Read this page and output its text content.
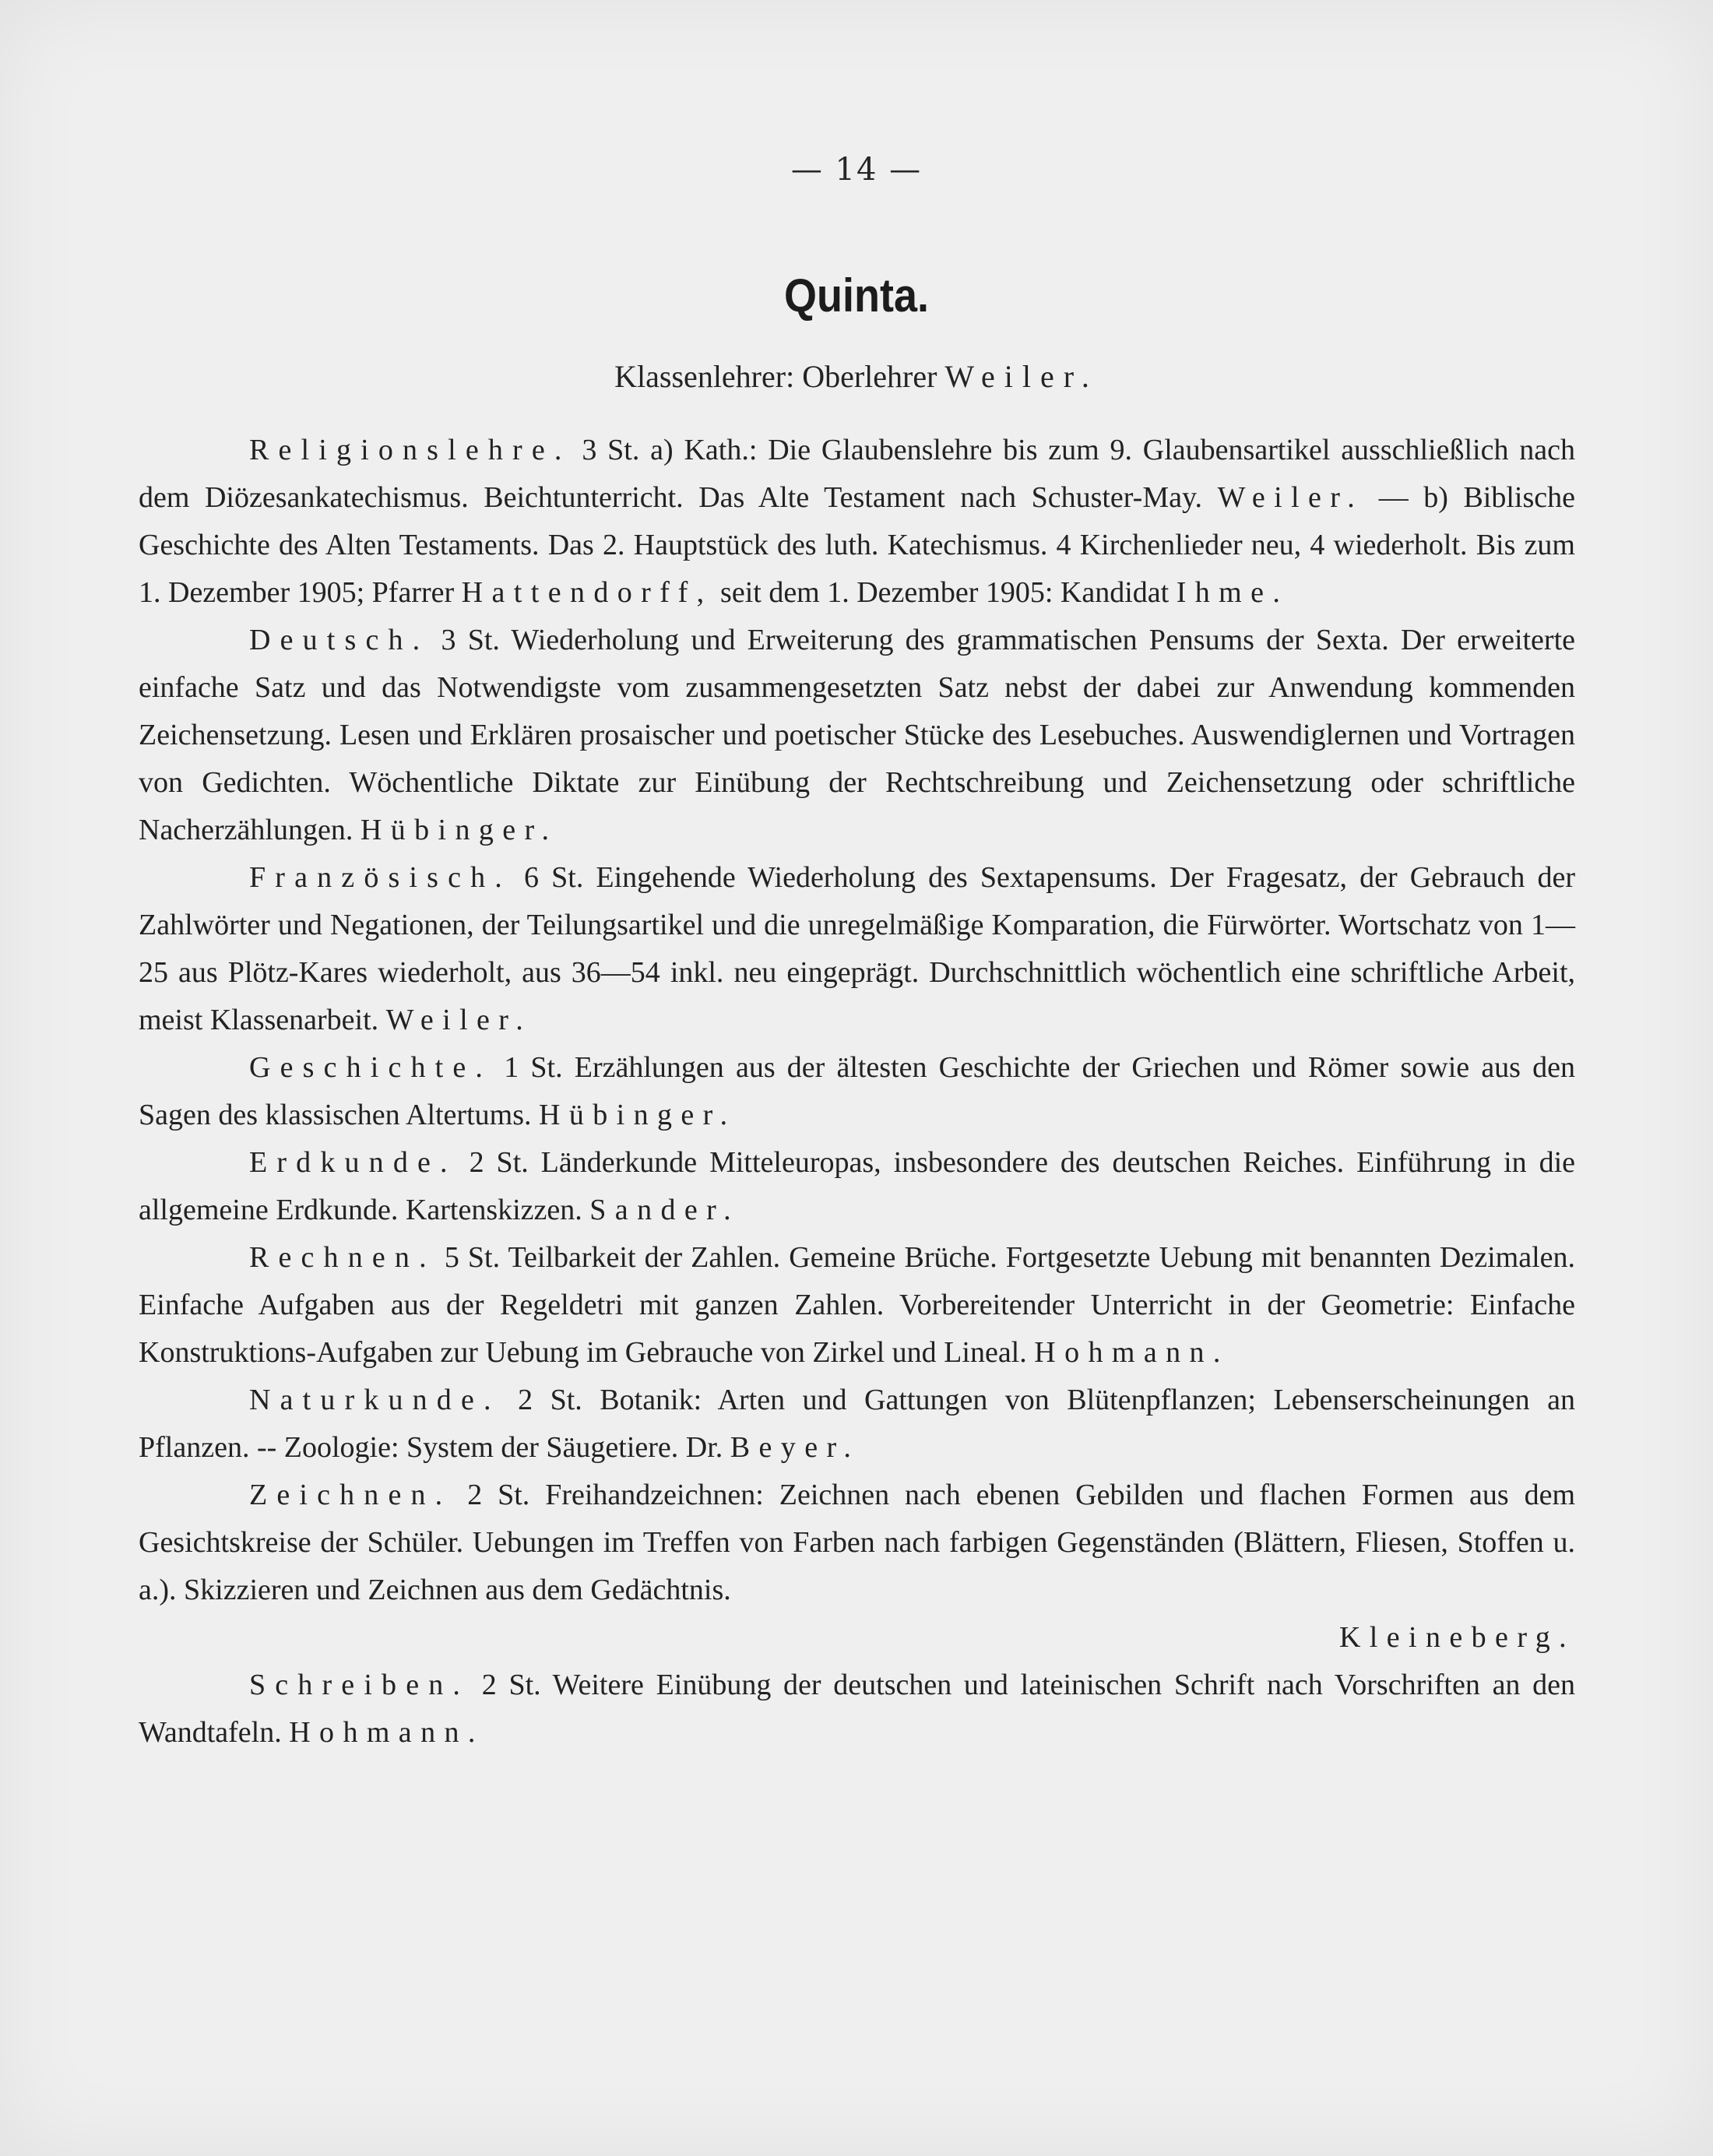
— 14 —
Quinta.
Klassenlehrer: Oberlehrer Weiler.

Religionslehre. 3 St. a) Kath.: Die Glaubenslehre bis zum 9. Glaubensartikel ausschließlich nach dem Diözesankatechismus. Beichtunterricht. Das Alte Testament nach Schuster-May. Weiler. — b) Biblische Geschichte des Alten Testaments. Das 2. Hauptstück des luth. Katechismus. 4 Kirchenlieder neu, 4 wiederholt. Bis zum 1. Dezember 1905; Pfarrer Hattendorff, seit dem 1. Dezember 1905: Kandidat Ihme.

Deutsch. 3 St. Wiederholung und Erweiterung des grammatischen Pensums der Sexta. Der erweiterte einfache Satz und das Notwendigste vom zusammengesetzten Satz nebst der dabei zur Anwendung kommenden Zeichensetzung. Lesen und Erklären prosaischer und poetischer Stücke des Lesebuches. Auswendiglernen und Vortragen von Gedichten. Wöchentliche Diktate zur Einübung der Rechtschreibung und Zeichensetzung oder schriftliche Nacherzählungen. Hübinger.

Französisch. 6 St. Eingehende Wiederholung des Sextapensums. Der Fragesatz, der Gebrauch der Zahlwörter und Negationen, der Teilungsartikel und die unregelmäßige Komparation, die Fürwörter. Wortschatz von 1—25 aus Plötz-Kares wiederholt, aus 36—54 inkl. neu eingeprägt. Durchschnittlich wöchentlich eine schriftliche Arbeit, meist Klassenarbeit. Weiler.

Geschichte. 1 St. Erzählungen aus der ältesten Geschichte der Griechen und Römer sowie aus den Sagen des klassischen Altertums. Hübinger.

Erdkunde. 2 St. Länderkunde Mitteleuropas, insbesondere des deutschen Reiches. Einführung in die allgemeine Erdkunde. Kartenskizzen. Sander.

Rechnen. 5 St. Teilbarkeit der Zahlen. Gemeine Brüche. Fortgesetzte Uebung mit benannten Dezimalen. Einfache Aufgaben aus der Regeldetri mit ganzen Zahlen. Vorbereitender Unterricht in der Geometrie: Einfache Konstruktions-Aufgaben zur Uebung im Gebrauche von Zirkel und Lineal. Hohmann.

Naturkunde. 2 St. Botanik: Arten und Gattungen von Blütenpflanzen; Lebenserscheinungen an Pflanzen. -- Zoologie: System der Säugetiere. Dr. Beyer.

Zeichnen. 2 St. Freihandzeichnen: Zeichnen nach ebenen Gebilden und flachen Formen aus dem Gesichtskreise der Schüler. Uebungen im Treffen von Farben nach farbigen Gegenständen (Blättern, Fliesen, Stoffen u. a.). Skizzieren und Zeichnen aus dem Gedächtnis.
Kleineberg.

Schreiben. 2 St. Weitere Einübung der deutschen und lateinischen Schrift nach Vorschriften an den Wandtafeln. Hohmann.
